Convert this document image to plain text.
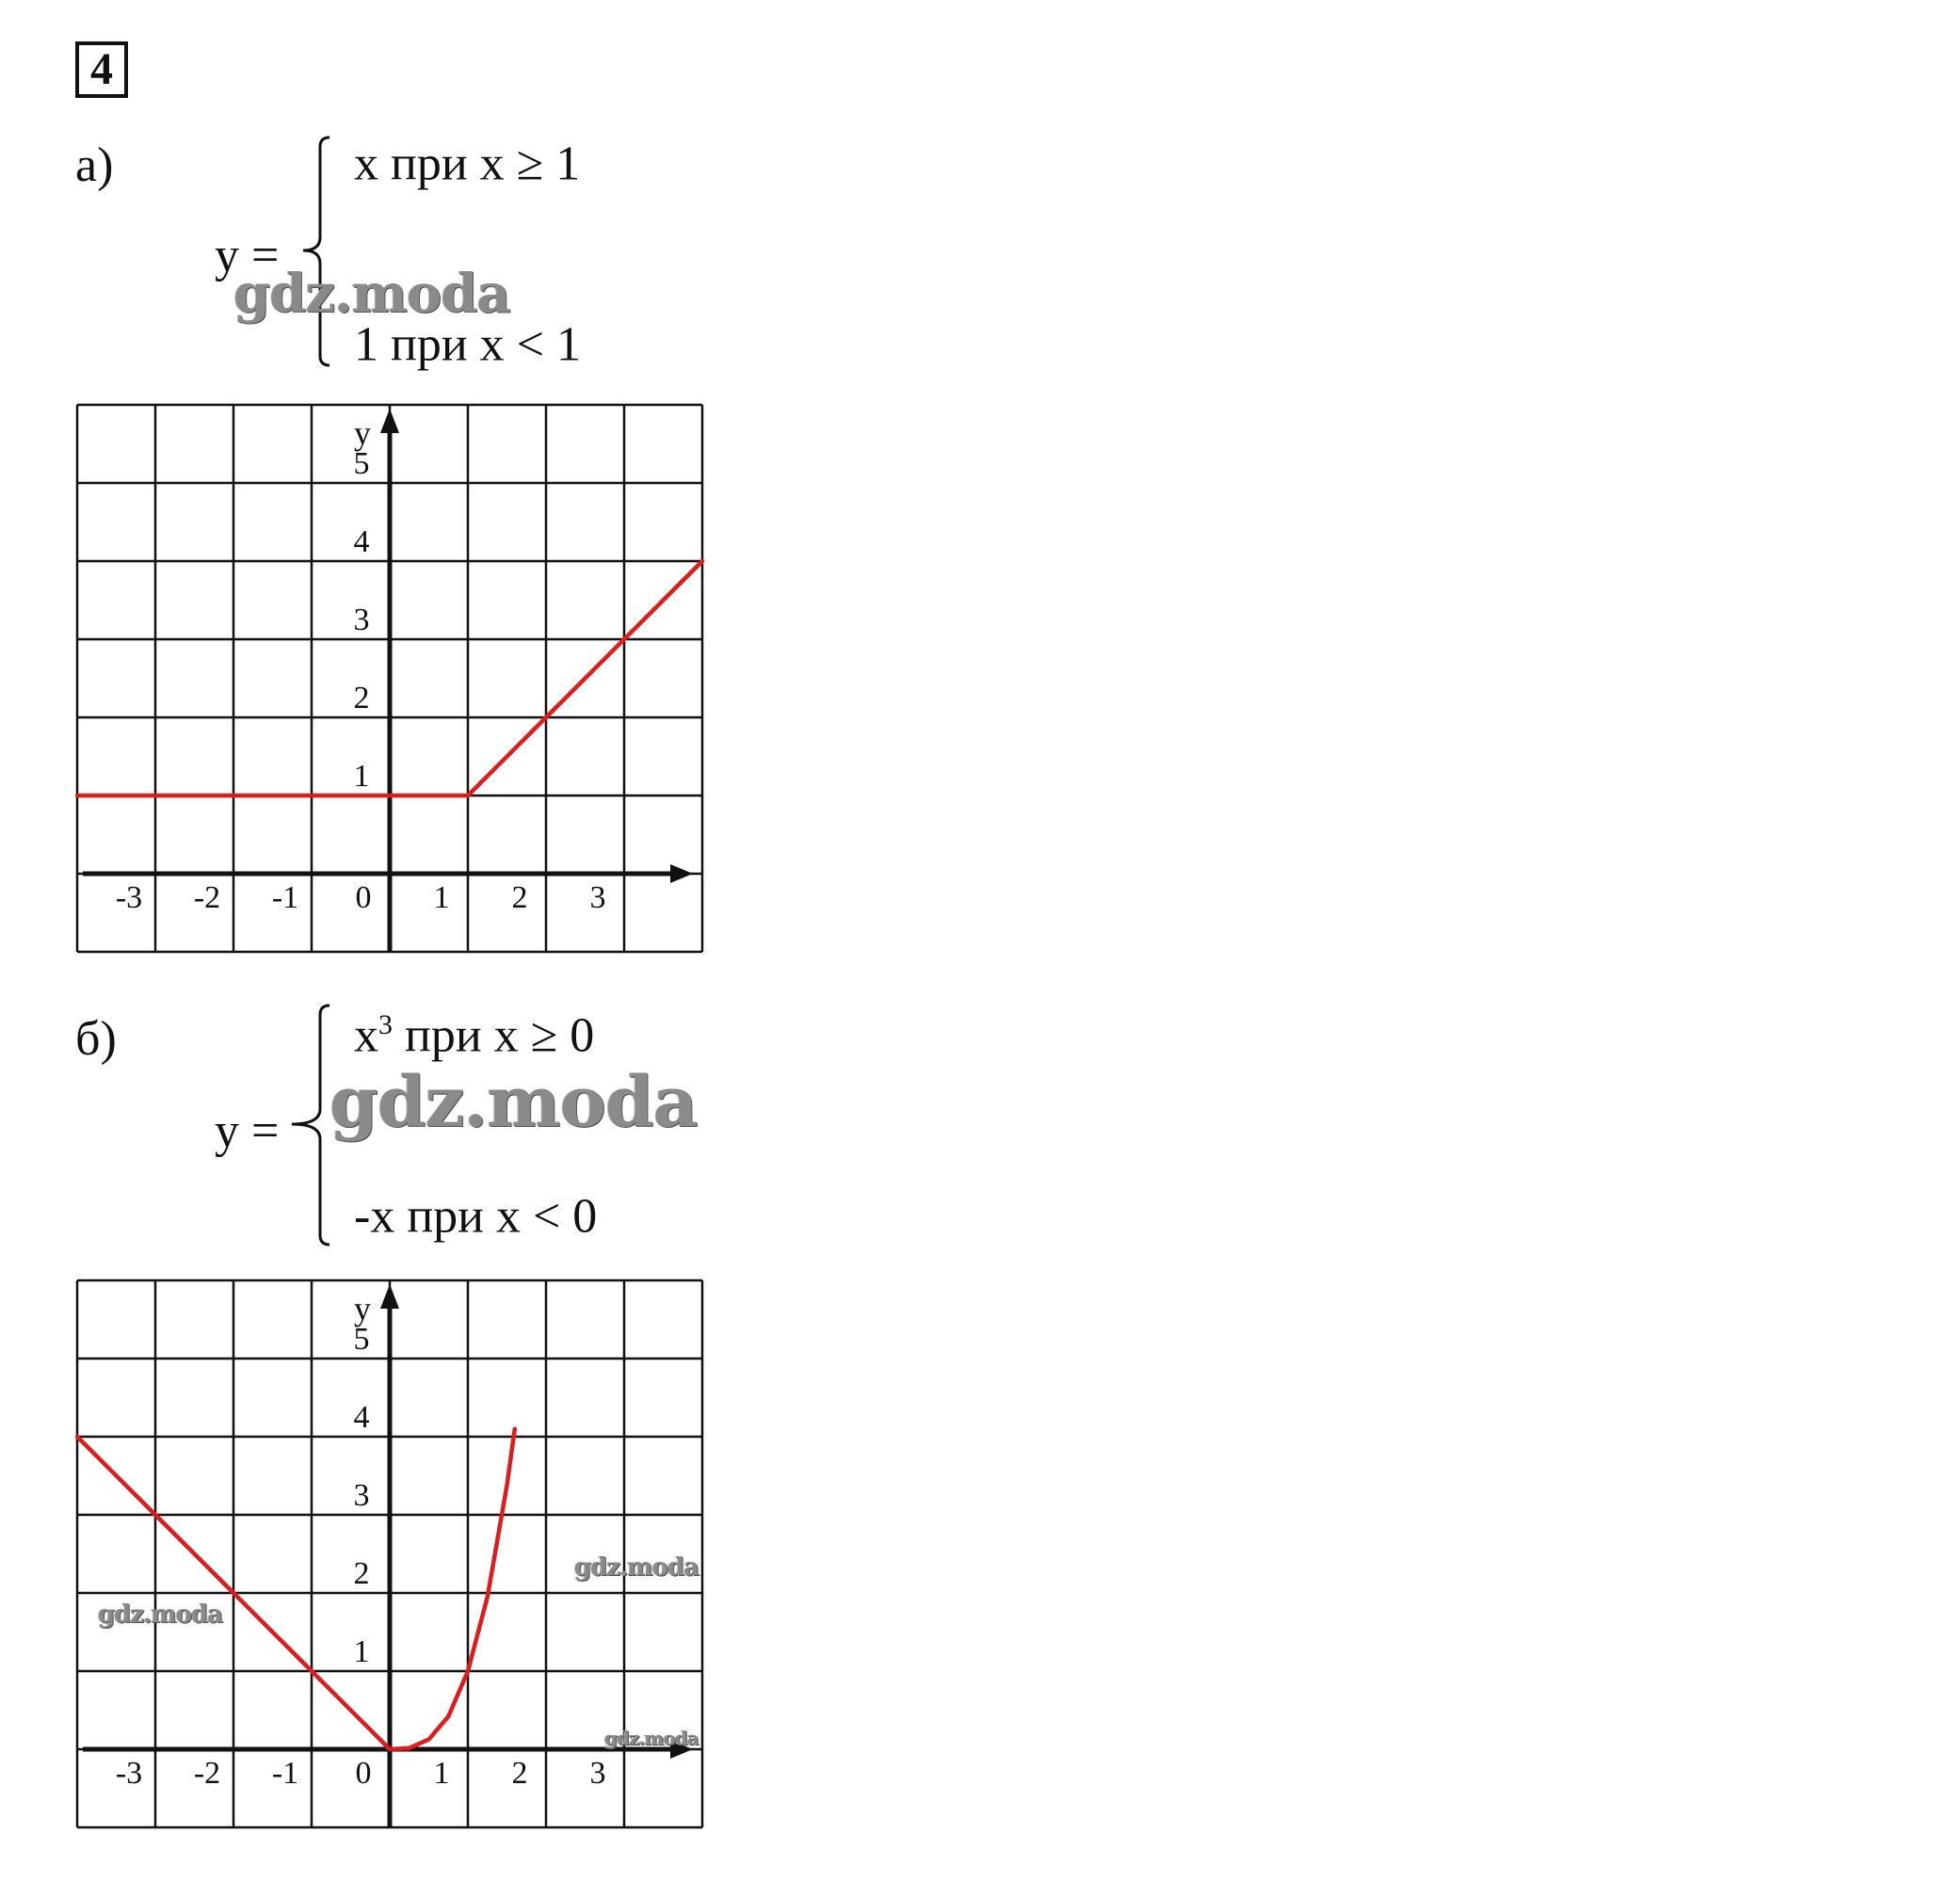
4
а)
y =
x при x ≥ 1
1 при x < 1
gdz.moda
y
-3 -2 -1 0 1 2 3
1
2
3
4
5
б)
y =
$x^3$ при x ≥ 0
-x при x < 0
gdz.moda
y
-3 -2 -1 0 1 2 3
1
2
3
4
5
gdz.moda
gdz.moda
gdz.moda
